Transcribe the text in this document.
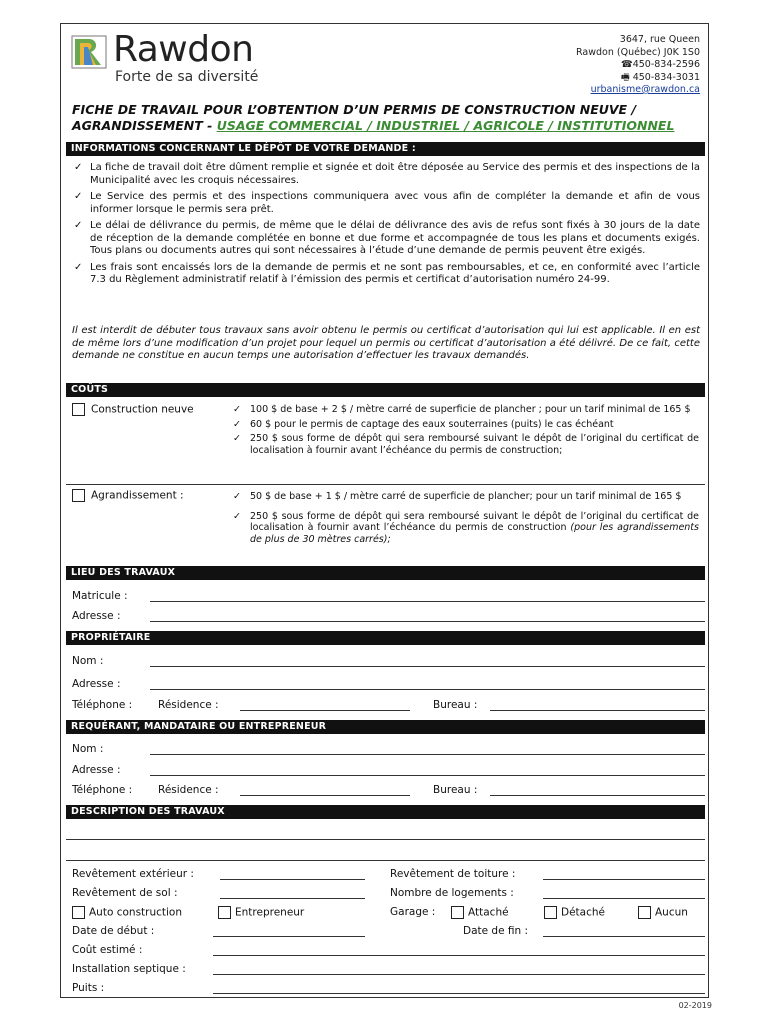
Rawdon
Forte de sa diversité
3647, rue Queen
Rawdon (Québec) J0K 1S0
☎450-834-2596
🖷 450-834-3031
urbanisme@rawdon.ca
FICHE DE TRAVAIL POUR L’OBTENTION D’UN PERMIS DE CONSTRUCTION NEUVE /
AGRANDISSEMENT - USAGE COMMERCIAL / INDUSTRIEL / AGRICOLE / INSTITUTIONNEL
INFORMATIONS CONCERNANT LE DÉPÔT DE VOTRE DEMANDE :
✓ La fiche de travail doit être dûment remplie et signée et doit être déposée au Service des permis et des inspections de la Municipalité avec les croquis nécessaires.
✓ Le Service des permis et des inspections communiquera avec vous afin de compléter la demande et afin de vous informer lorsque le permis sera prêt.
✓ Le délai de délivrance du permis, de même que le délai de délivrance des avis de refus sont fixés à 30 jours de la date de réception de la demande complétée en bonne et due forme et accompagnée de tous les plans et documents exigés. Tous plans ou documents autres qui sont nécessaires à l’étude d’une demande de permis peuvent être exigés.
✓ Les frais sont encaissés lors de la demande de permis et ne sont pas remboursables, et ce, en conformité avec l’article 7.3 du Règlement administratif relatif à l’émission des permis et certificat d’autorisation numéro 24-99.
Il est interdit de débuter tous travaux sans avoir obtenu le permis ou certificat d’autorisation qui lui est applicable. Il en est de même lors d’une modification d’un projet pour lequel un permis ou certificat d’autorisation a été délivré. De ce fait, cette demande ne constitue en aucun temps une autorisation d’effectuer les travaux demandés.
COÛTS
Construction neuve	✓ 100 $ de base + 2 $ / mètre carré de superficie de plancher ; pour un tarif minimal de 165 $
✓ 60 $ pour le permis de captage des eaux souterraines (puits) le cas échéant
✓ 250 $ sous forme de dépôt qui sera remboursé suivant le dépôt de l’original du certificat de localisation à fournir avant l’échéance du permis de construction;
Agrandissement :	✓ 50 $ de base + 1 $ / mètre carré de superficie de plancher; pour un tarif minimal de 165 $
✓ 250 $ sous forme de dépôt qui sera remboursé suivant le dépôt de l’original du certificat de localisation à fournir avant l’échéance du permis de construction (pour les agrandissements de plus de 30 mètres carrés);
LIEU DES TRAVAUX
Matricule :
Adresse :
PROPRIÉTAIRE
Nom :
Adresse :
Téléphone : Résidence :	Bureau :
REQUÉRANT, MANDATAIRE OU ENTREPRENEUR
Nom :
Adresse :
Téléphone : Résidence :	Bureau :
DESCRIPTION DES TRAVAUX
Revêtement extérieur :	Revêtement de toiture :
Revêtement de sol :	Nombre de logements :
Auto construction	Entrepreneur	Garage :	Attaché	Détaché	Aucun
Date de début :	Date de fin :
Coût estimé :
Installation septique :
Puits :
02-2019
